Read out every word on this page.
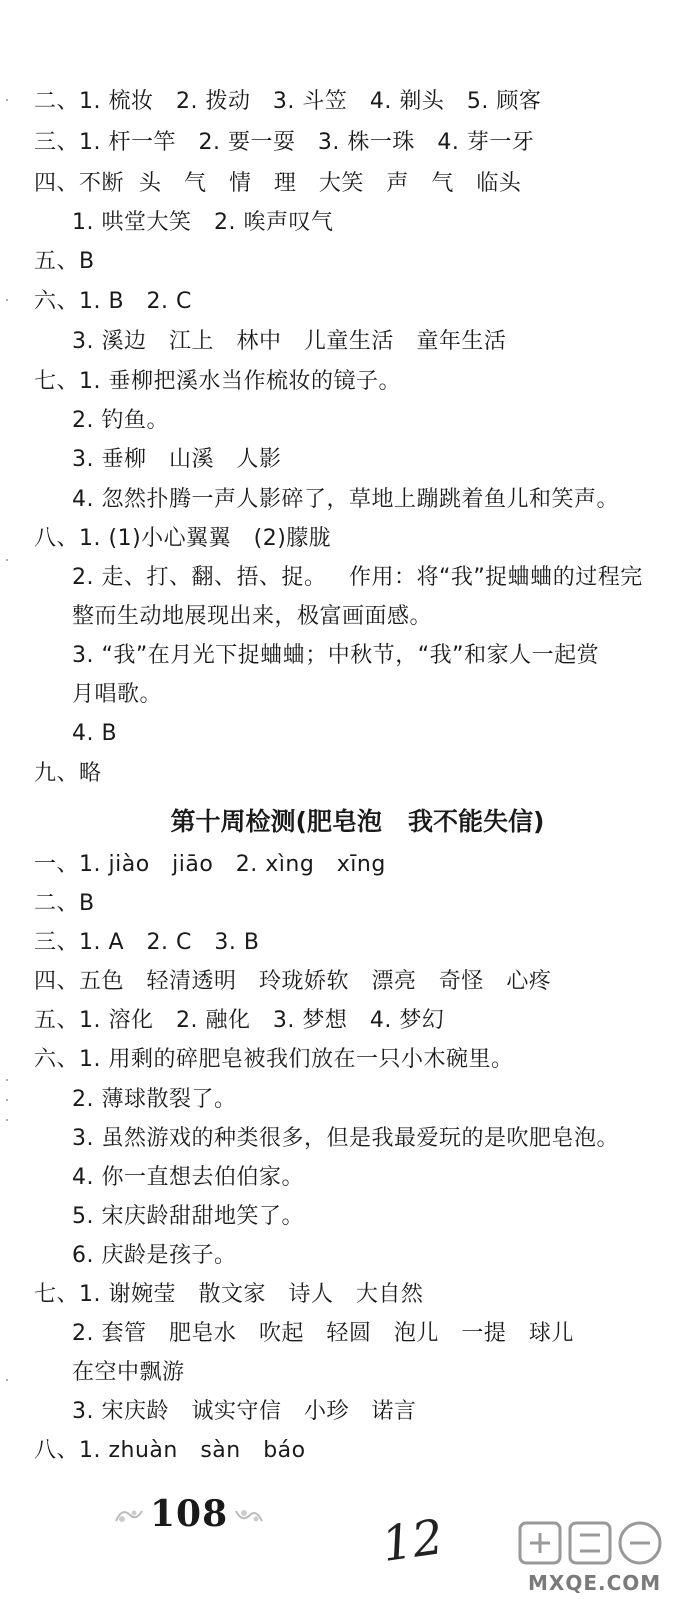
二、1. 梳妆   2. 拨动   3. 斗笠   4. 剃头   5. 顾客
三、1. 杆一竿   2. 要一耍   3. 株一珠   4. 芽一牙
四、不断  头   气   情   理   大笑   声   气   临头
1. 哄堂大笑   2. 唉声叹气
五、B
六、1. B   2. C
3. 溪边   江上   林中   儿童生活   童年生活
七、1. 垂柳把溪水当作梳妆的镜子。
2. 钓鱼。
3. 垂柳   山溪   人影
4. 忽然扑腾一声人影碎了，草地上蹦跳着鱼儿和笑声。
八、1. (1)小心翼翼   (2)朦胧
2. 走、打、翻、捂、捉。   作用：将“我”捉蛐蛐的过程完
整而生动地展现出来，极富画面感。
3. “我”在月光下捉蛐蛐；中秋节，“我”和家人一起赏
月唱歌。
4. B
九、略
第十周检测(肥皂泡   我不能失信)
一、1. jiào   jiāo   2. xìng   xīng
二、B
三、1. A   2. C   3. B
四、五色   轻清透明   玲珑娇软   漂亮   奇怪   心疼
五、1. 溶化   2. 融化   3. 梦想   4. 梦幻
六、1. 用剩的碎肥皂被我们放在一只小木碗里。
2. 薄球散裂了。
3. 虽然游戏的种类很多，但是我最爱玩的是吹肥皂泡。
4. 你一直想去伯伯家。
5. 宋庆龄甜甜地笑了。
6. 庆龄是孩子。
七、1. 谢婉莹   散文家   诗人   大自然
2. 套管   肥皂水   吹起   轻圆   泡儿   一提   球儿
在空中飘游
3. 宋庆龄   诚实守信   小珍   诺言
八、1. zhuàn   sàn   báo
108	12
MXQE.COM
